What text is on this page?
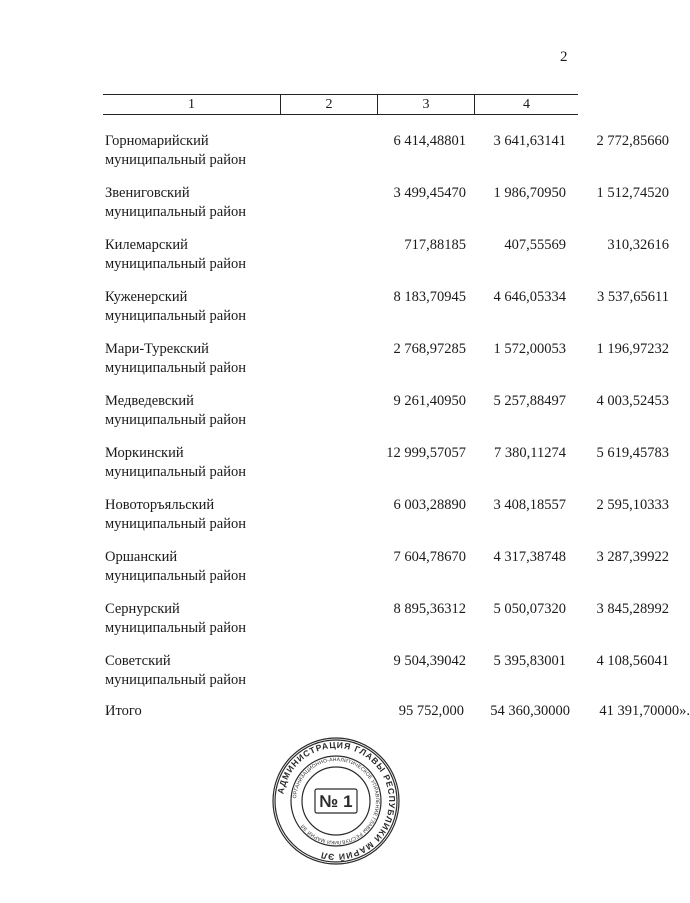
2
1	2	3	4
Горномарийский
муниципальный район
6 414,48801	3 641,63141	2 772,85660
Звениговский
муниципальный район
3 499,45470	1 986,70950	1 512,74520
Килемарский
муниципальный район
717,88185	407,55569	310,32616
Куженерский
муниципальный район
8 183,70945	4 646,05334	3 537,65611
Мари-Турекский
муниципальный район
2 768,97285	1 572,00053	1 196,97232
Медведевский
муниципальный район
9 261,40950	5 257,88497	4 003,52453
Моркинский
муниципальный район
12 999,57057	7 380,11274	5 619,45783
Новоторъяльский
муниципальный район
6 003,28890	3 408,18557	2 595,10333
Оршанский
муниципальный район
7 604,78670	4 317,38748	3 287,39922
Сернурский
муниципальный район
8 895,36312	5 050,07320	3 845,28992
Советский
муниципальный район
9 504,39042	5 395,83001	4 108,56041
Итого	95 752,000	54 360,30000	41 391,70000».
АДМИНИСТРАЦИЯ ГЛАВЫ РЕСПУБЛИКИ МАРИЙ ЭЛ
ОРГАНИЗАЦИОННО-АНАЛИТИЧЕСКОЕ УПРАВЛЕНИЕ ГЛАВЫ РЕСПУБЛИКИ МАРИЙ ЭЛ
№ 1
